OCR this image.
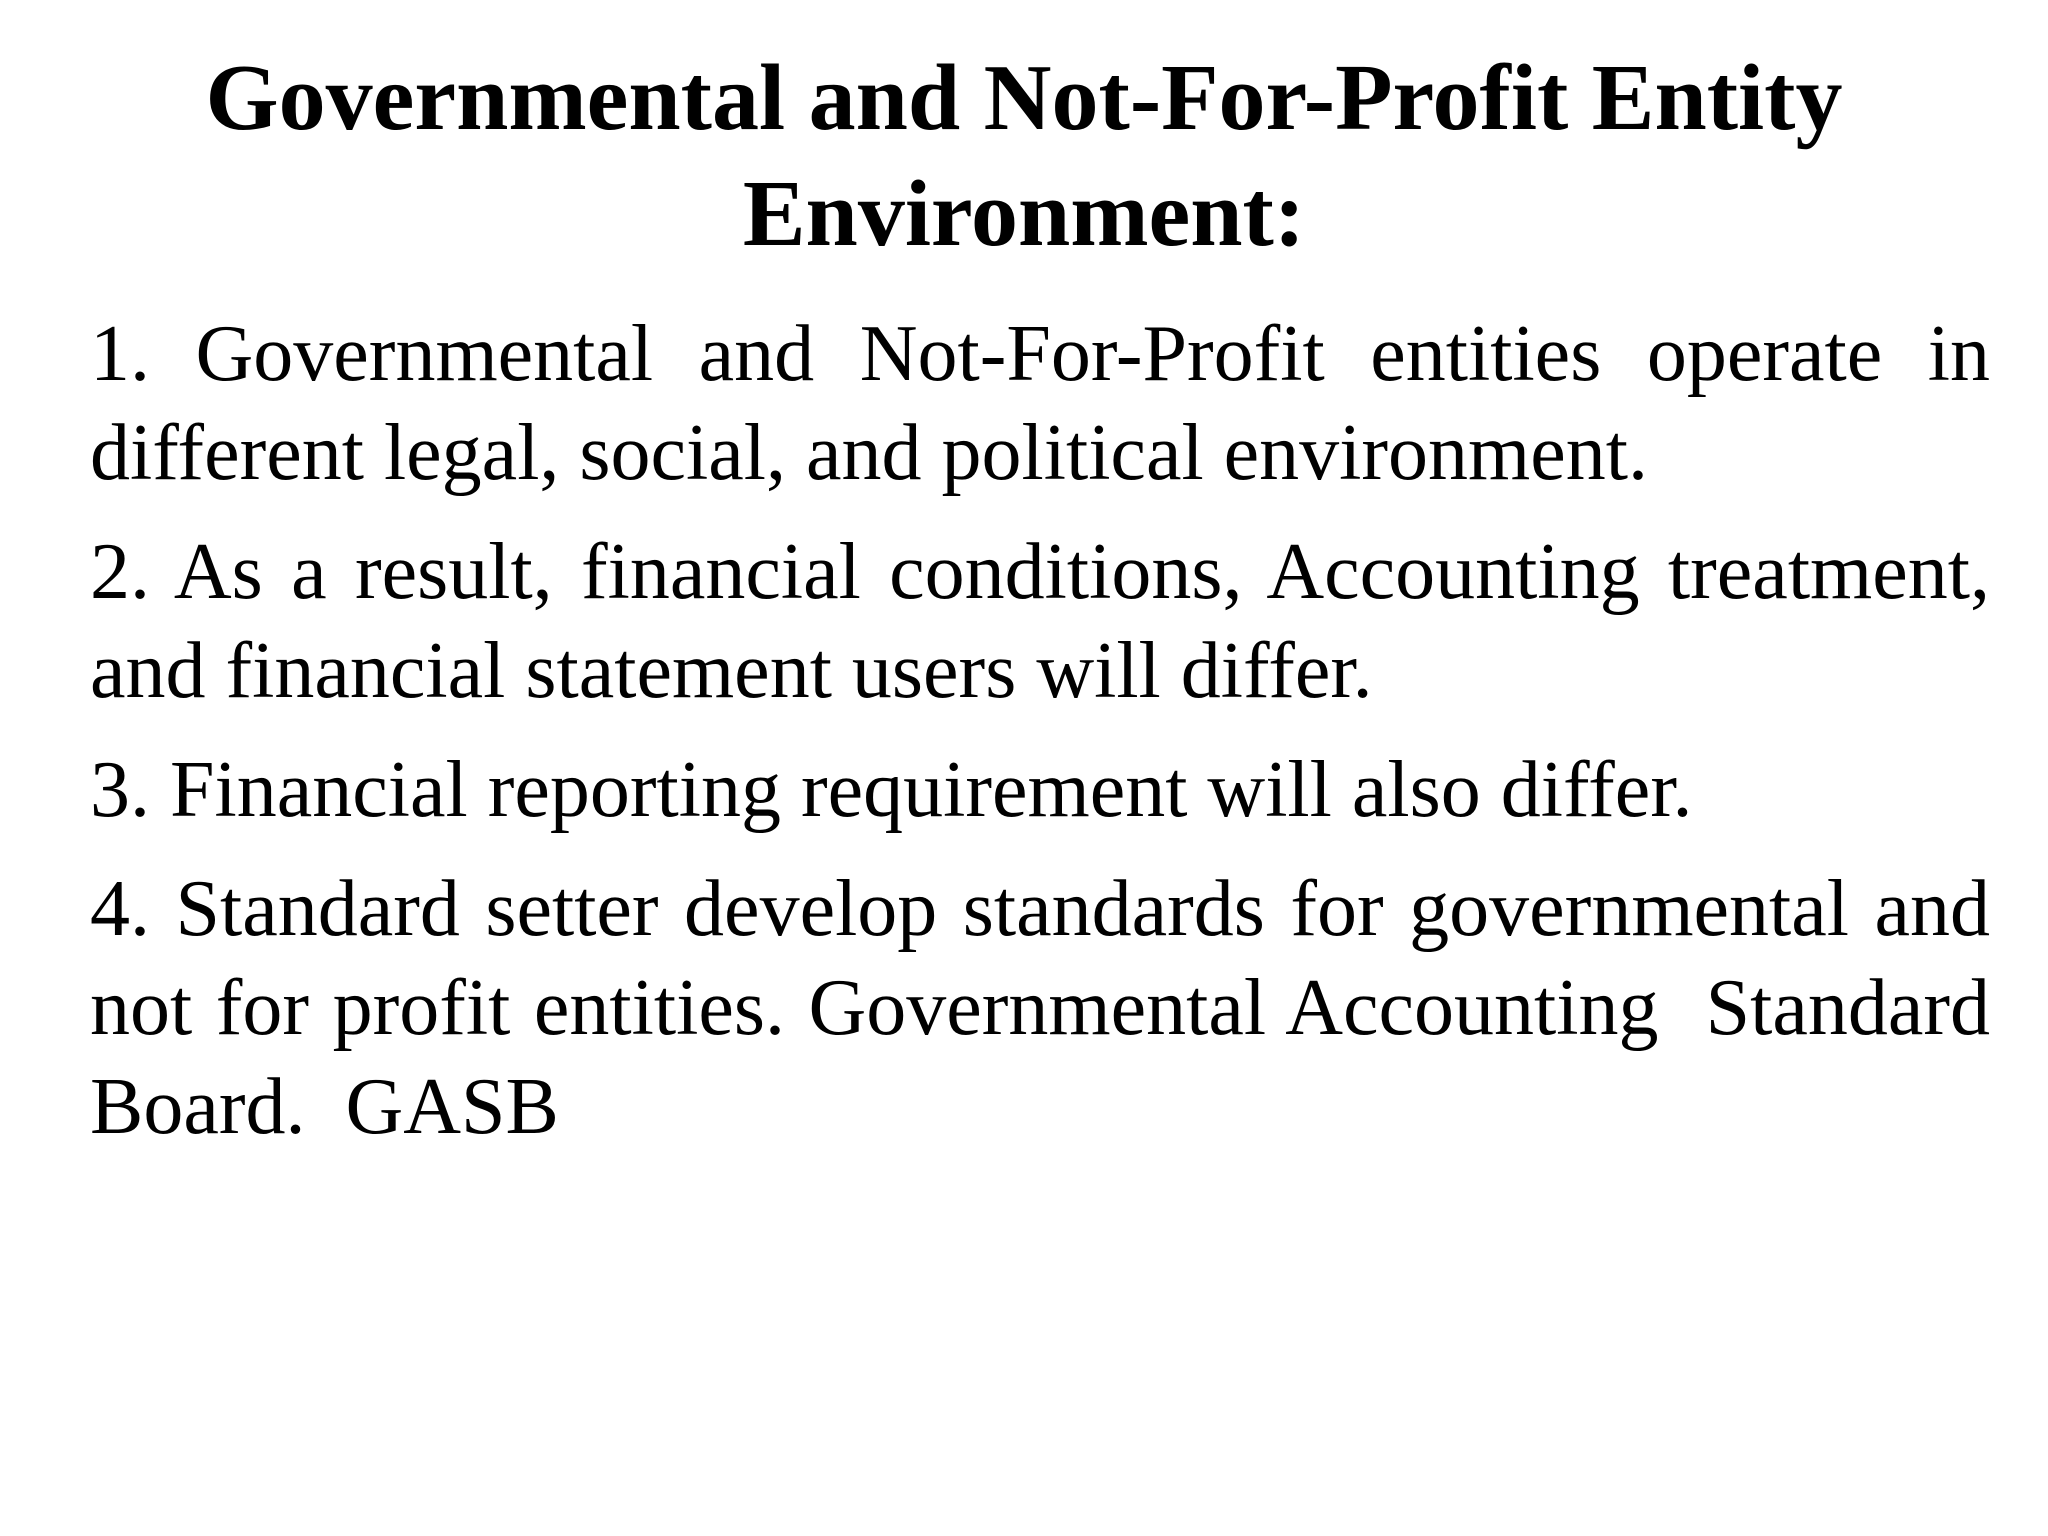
Governmental and Not-For-Profit Entity Environment:
1. Governmental and Not-For-Profit entities operate in different legal, social, and political environment.
2. As a result, financial conditions, Accounting treatment, and financial statement users will differ.
3. Financial reporting requirement will also differ.
4. Standard setter develop standards for governmental and not for profit entities. Governmental Accounting  Standard Board.  GASB
